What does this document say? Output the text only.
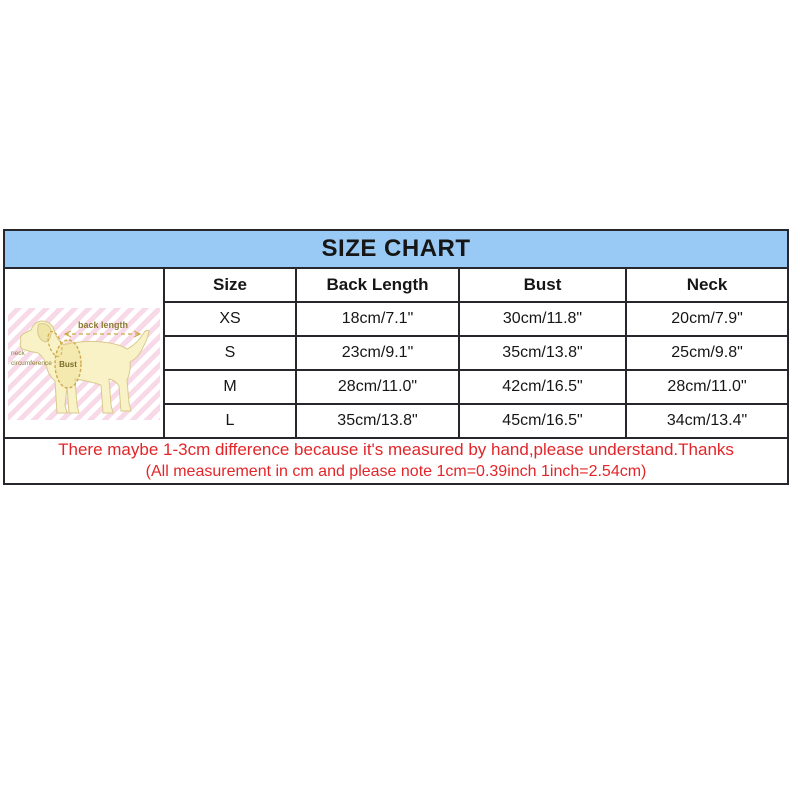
SIZE CHART				

back length
neck
circumference Bust	Size	Back Length	Bust	Neck
	XS	18cm/7.1"	30cm/11.8"	20cm/7.9"
	S	23cm/9.1"	35cm/13.8"	25cm/9.8"
	M	28cm/11.0"	42cm/16.5"	28cm/11.0"
	L	35cm/13.8"	45cm/16.5"	34cm/13.4"

There maybe 1-3cm difference because it's measured by hand,please understand.Thanks
(All measurement in cm and please note 1cm=0.39inch 1inch=2.54cm)				
